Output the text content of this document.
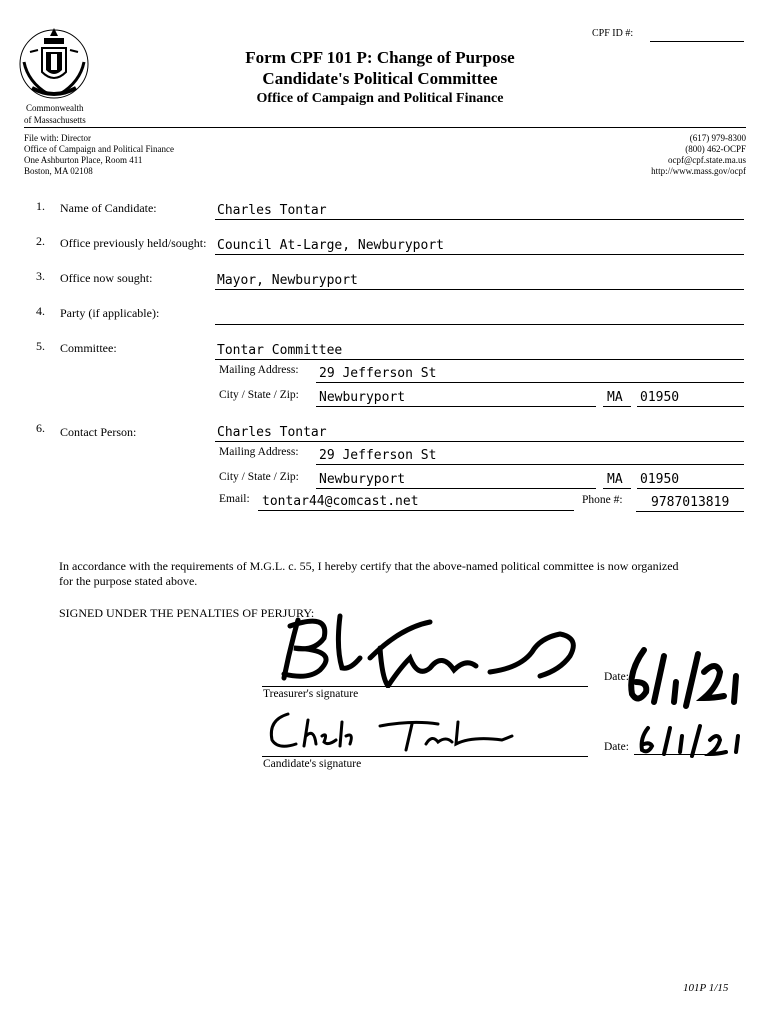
Commonwealth
of Massachusetts
CPF ID #:
Form CPF 101 P: Change of Purpose
Candidate's Political Committee
Office of Campaign and Political Finance
File with: Director
Office of Campaign and Political Finance
One Ashburton Place, Room 411
Boston, MA 02108
(617) 979-8300
(800) 462-OCPF
ocpf@cpf.state.ma.us
http://www.mass.gov/ocpf
1. Name of Candidate:	Charles Tontar
2. Office previously held/sought: Council At-Large, Newburyport
3. Office now sought:	Mayor, Newburyport
4. Party (if applicable):
5. Committee:	Tontar Committee
Mailing Address: 29 Jefferson St
City / State / Zip: Newburyport	MA 01950
6. Contact Person:	Charles Tontar
Mailing Address: 29 Jefferson St
City / State / Zip: Newburyport	MA 01950
Email: tontar44@comcast.net	Phone #: 9787013819
In accordance with the requirements of M.G.L. c. 55, I hereby certify that the above-named political committee is now organized
for the purpose stated above.
SIGNED UNDER THE PENALTIES OF PERJURY:
Treasurer's signature
Date:
Candidate's signature
Date:
101P 1/15
